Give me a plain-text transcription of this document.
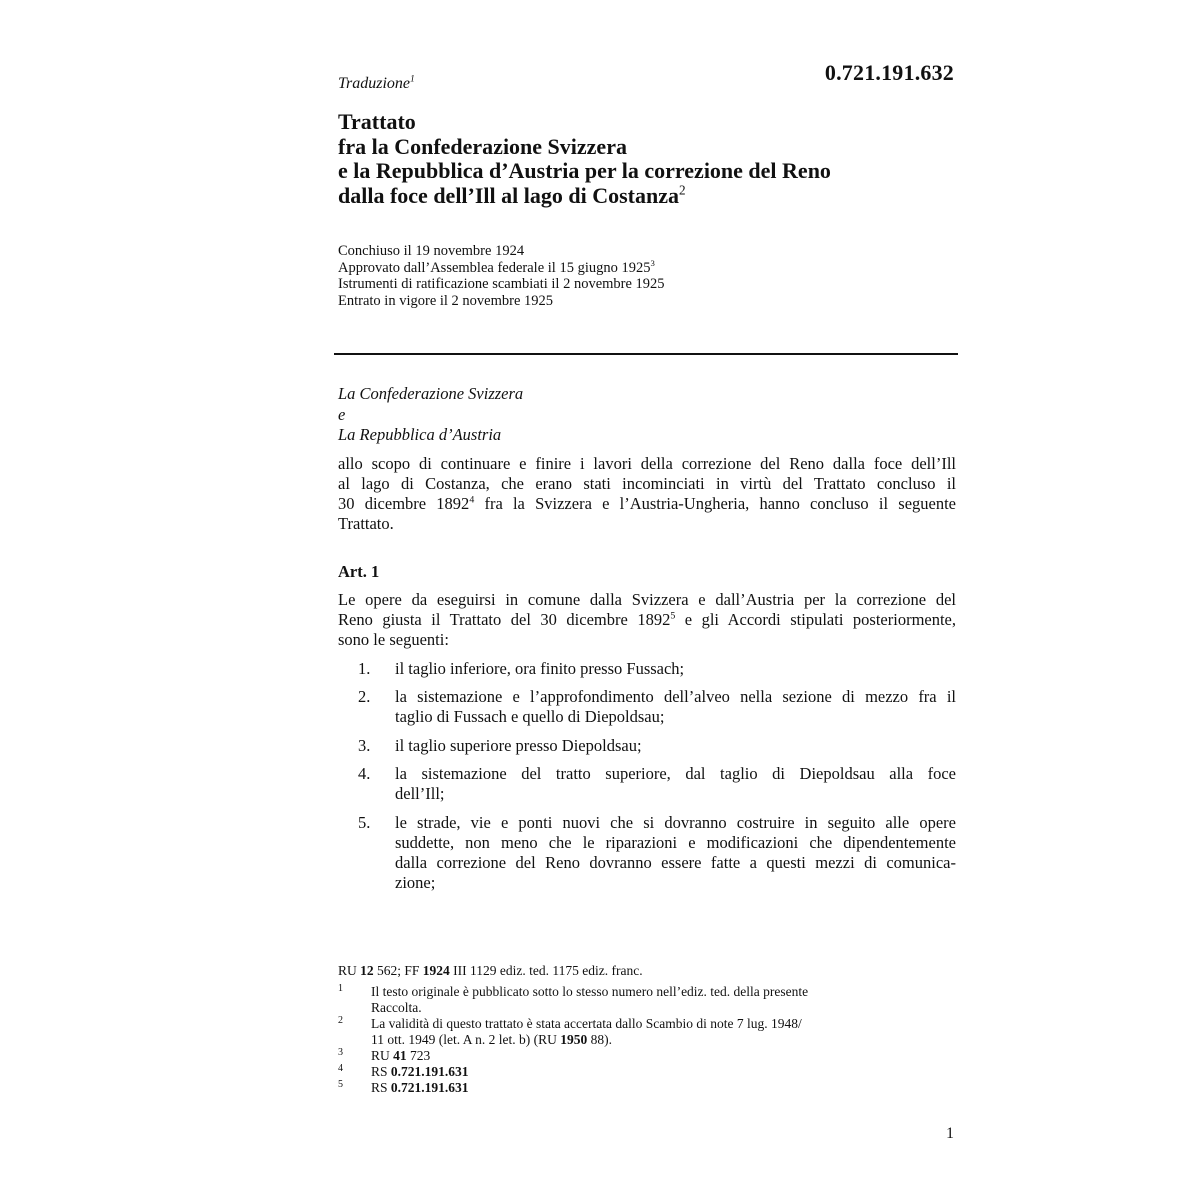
0.721.191.632
Traduzione$^1$
Trattato
fra la Confederazione Svizzera
e la Repubblica d’Austria per la correzione del Reno
dalla foce dell’Ill al lago di Costanza$^2$
Conchiuso il 19 novembre 1924
Approvato dall’Assemblea federale il 15 giugno 1925$^3$
Istrumenti di ratificazione scambiati il 2 novembre 1925
Entrato in vigore il 2 novembre 1925
La Confederazione Svizzera
e
La Repubblica d’Austria
allo scopo di continuare e finire i lavori della correzione del Reno dalla foce dell’Ill
al lago di Costanza, che erano stati incominciati in virtù del Trattato concluso il
30 dicembre 1892$^4$ fra la Svizzera e l’Austria-Ungheria, hanno concluso il seguente
Trattato.
Art. 1
Le opere da eseguirsi in comune dalla Svizzera e dall’Austria per la correzione del
Reno giusta il Trattato del 30 dicembre 1892$^5$ e gli Accordi stipulati posteriormente,
sono le seguenti:
1. il taglio inferiore, ora finito presso Fussach;
2. la sistemazione e l’approfondimento dell’alveo nella sezione di mezzo fra il
taglio di Fussach e quello di Diepoldsau;
3. il taglio superiore presso Diepoldsau;
4. la sistemazione del tratto superiore, dal taglio di Diepoldsau alla foce
dell’Ill;
5. le strade, vie e ponti nuovi che si dovranno costruire in seguito alle opere
suddette, non meno che le riparazioni e modificazioni che dipendentemente
dalla correzione del Reno dovranno essere fatte a questi mezzi di comunica-
zione;
RU 12 562; FF 1924 III 1129 ediz. ted. 1175 ediz. franc.
1 Il testo originale è pubblicato sotto lo stesso numero nell’ediz. ted. della presente
Raccolta.
2 La validità di questo trattato è stata accertata dallo Scambio di note 7 lug. 1948/
11 ott. 1949 (let. A n. 2 let. b) (RU 1950 88).
3 RU 41 723
4 RS 0.721.191.631
5 RS 0.721.191.631
1
